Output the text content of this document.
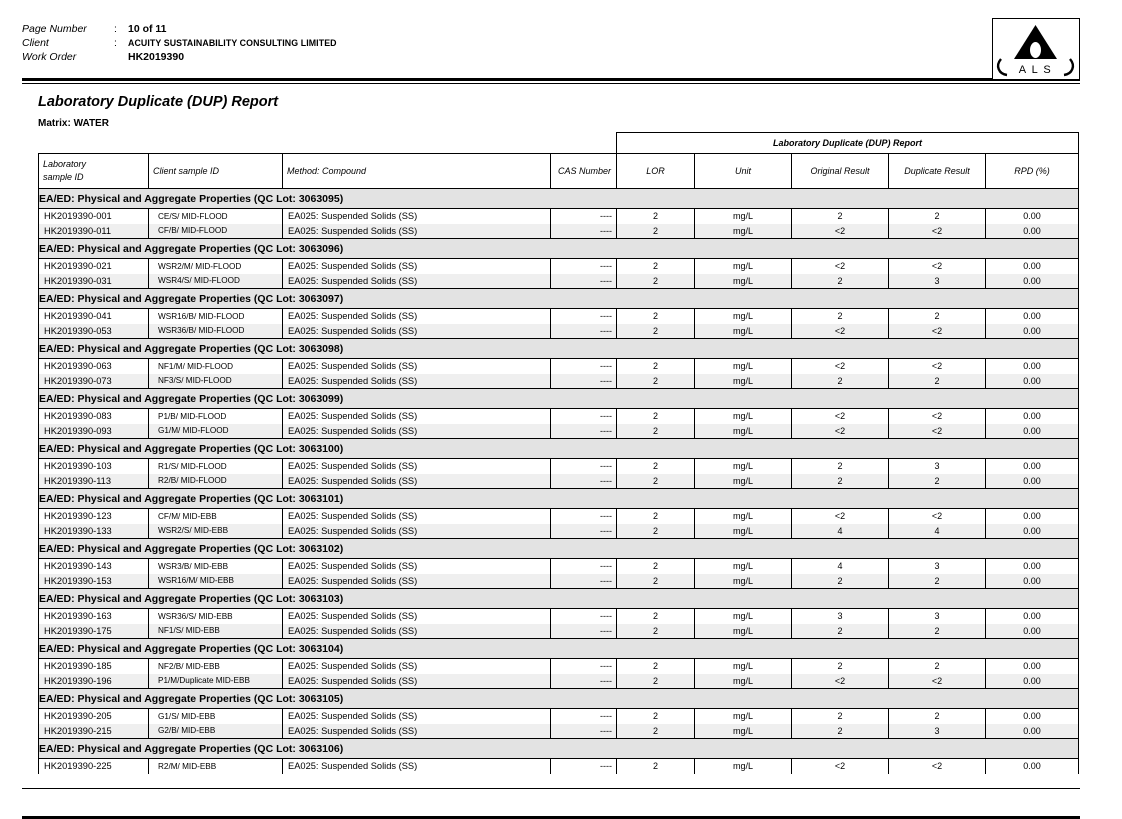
Page Number	:	10 of 11
Client	:	ACUITY SUSTAINABILITY CONSULTING LIMITED
Work Order		HK2019390
A L S
Laboratory Duplicate (DUP) Report
Matrix: WATER
				Laboratory Duplicate (DUP) Report				

Laboratory
sample ID	Client sample ID	Method: Compound	CAS Number	LOR	Unit	Original Result	Duplicate Result	RPD (%)
EA/ED: Physical and Aggregate Properties (QC Lot: 3063095)								
HK2019390-001	CE/S/ MID-FLOOD	EA025: Suspended Solids (SS)	----	2	mg/L	2	2	0.00
HK2019390-011	CF/B/ MID-FLOOD	EA025: Suspended Solids (SS)	----	2	mg/L	<2	<2	0.00
EA/ED: Physical and Aggregate Properties (QC Lot: 3063096)								
HK2019390-021	WSR2/M/ MID-FLOOD	EA025: Suspended Solids (SS)	----	2	mg/L	<2	<2	0.00
HK2019390-031	WSR4/S/ MID-FLOOD	EA025: Suspended Solids (SS)	----	2	mg/L	2	3	0.00
EA/ED: Physical and Aggregate Properties (QC Lot: 3063097)								
HK2019390-041	WSR16/B/ MID-FLOOD	EA025: Suspended Solids (SS)	----	2	mg/L	2	2	0.00
HK2019390-053	WSR36/B/ MID-FLOOD	EA025: Suspended Solids (SS)	----	2	mg/L	<2	<2	0.00
EA/ED: Physical and Aggregate Properties (QC Lot: 3063098)								
HK2019390-063	NF1/M/ MID-FLOOD	EA025: Suspended Solids (SS)	----	2	mg/L	<2	<2	0.00
HK2019390-073	NF3/S/ MID-FLOOD	EA025: Suspended Solids (SS)	----	2	mg/L	2	2	0.00
EA/ED: Physical and Aggregate Properties (QC Lot: 3063099)								
HK2019390-083	P1/B/ MID-FLOOD	EA025: Suspended Solids (SS)	----	2	mg/L	<2	<2	0.00
HK2019390-093	G1/M/ MID-FLOOD	EA025: Suspended Solids (SS)	----	2	mg/L	<2	<2	0.00
EA/ED: Physical and Aggregate Properties (QC Lot: 3063100)								
HK2019390-103	R1/S/ MID-FLOOD	EA025: Suspended Solids (SS)	----	2	mg/L	2	3	0.00
HK2019390-113	R2/B/ MID-FLOOD	EA025: Suspended Solids (SS)	----	2	mg/L	2	2	0.00
EA/ED: Physical and Aggregate Properties (QC Lot: 3063101)								
HK2019390-123	CF/M/ MID-EBB	EA025: Suspended Solids (SS)	----	2	mg/L	<2	<2	0.00
HK2019390-133	WSR2/S/ MID-EBB	EA025: Suspended Solids (SS)	----	2	mg/L	4	4	0.00
EA/ED: Physical and Aggregate Properties (QC Lot: 3063102)								
HK2019390-143	WSR3/B/ MID-EBB	EA025: Suspended Solids (SS)	----	2	mg/L	4	3	0.00
HK2019390-153	WSR16/M/ MID-EBB	EA025: Suspended Solids (SS)	----	2	mg/L	2	2	0.00
EA/ED: Physical and Aggregate Properties (QC Lot: 3063103)								
HK2019390-163	WSR36/S/ MID-EBB	EA025: Suspended Solids (SS)	----	2	mg/L	3	3	0.00
HK2019390-175	NF1/S/ MID-EBB	EA025: Suspended Solids (SS)	----	2	mg/L	2	2	0.00
EA/ED: Physical and Aggregate Properties (QC Lot: 3063104)								
HK2019390-185	NF2/B/ MID-EBB	EA025: Suspended Solids (SS)	----	2	mg/L	2	2	0.00
HK2019390-196	P1/M/Duplicate MID-EBB	EA025: Suspended Solids (SS)	----	2	mg/L	<2	<2	0.00
EA/ED: Physical and Aggregate Properties (QC Lot: 3063105)								
HK2019390-205	G1/S/ MID-EBB	EA025: Suspended Solids (SS)	----	2	mg/L	2	2	0.00
HK2019390-215	G2/B/ MID-EBB	EA025: Suspended Solids (SS)	----	2	mg/L	2	3	0.00
EA/ED: Physical and Aggregate Properties (QC Lot: 3063106)								
HK2019390-225	R2/M/ MID-EBB	EA025: Suspended Solids (SS)	----	2	mg/L	<2	<2	0.00
